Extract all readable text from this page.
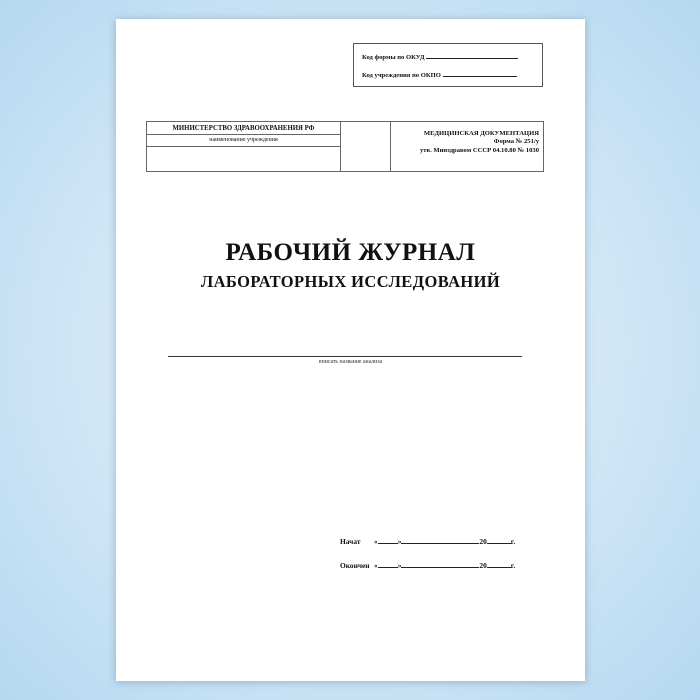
Код формы по ОКУД
Код учреждения по ОКПО
МИНИСТЕРСТВО ЗДРАВООХРАНЕНИЯ РФ
наименование учреждения
МЕДИЦИНСКАЯ ДОКУМЕНТАЦИЯ
Форма № 251/у
утв. Минздравом СССР 04.10.80 № 1030
РАБОЧИЙ ЖУРНАЛ
ЛАБОРАТОРНЫХ ИССЛЕДОВАНИЙ
вписать название анализа
Начат «	»	20	г.
Окончен «	»	20	г.
